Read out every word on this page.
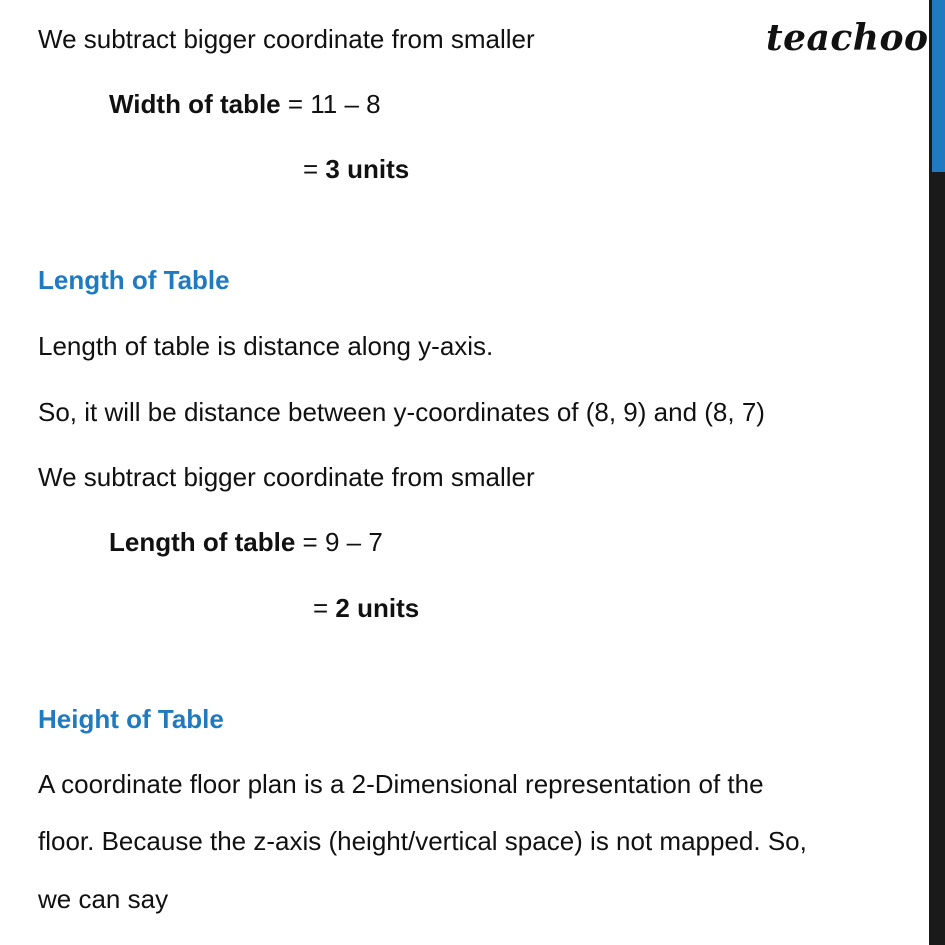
teachoo
We subtract bigger coordinate from smaller
Width of table = 11 – 8
= 3 units
Length of Table
Length of table is distance along y-axis.
So, it will be distance between y-coordinates of (8, 9) and (8, 7)
We subtract bigger coordinate from smaller
Length of table = 9 – 7
= 2 units
Height of Table
A coordinate floor plan is a 2-Dimensional representation of the
floor. Because the z-axis (height/vertical space) is not mapped. So,
we can say
